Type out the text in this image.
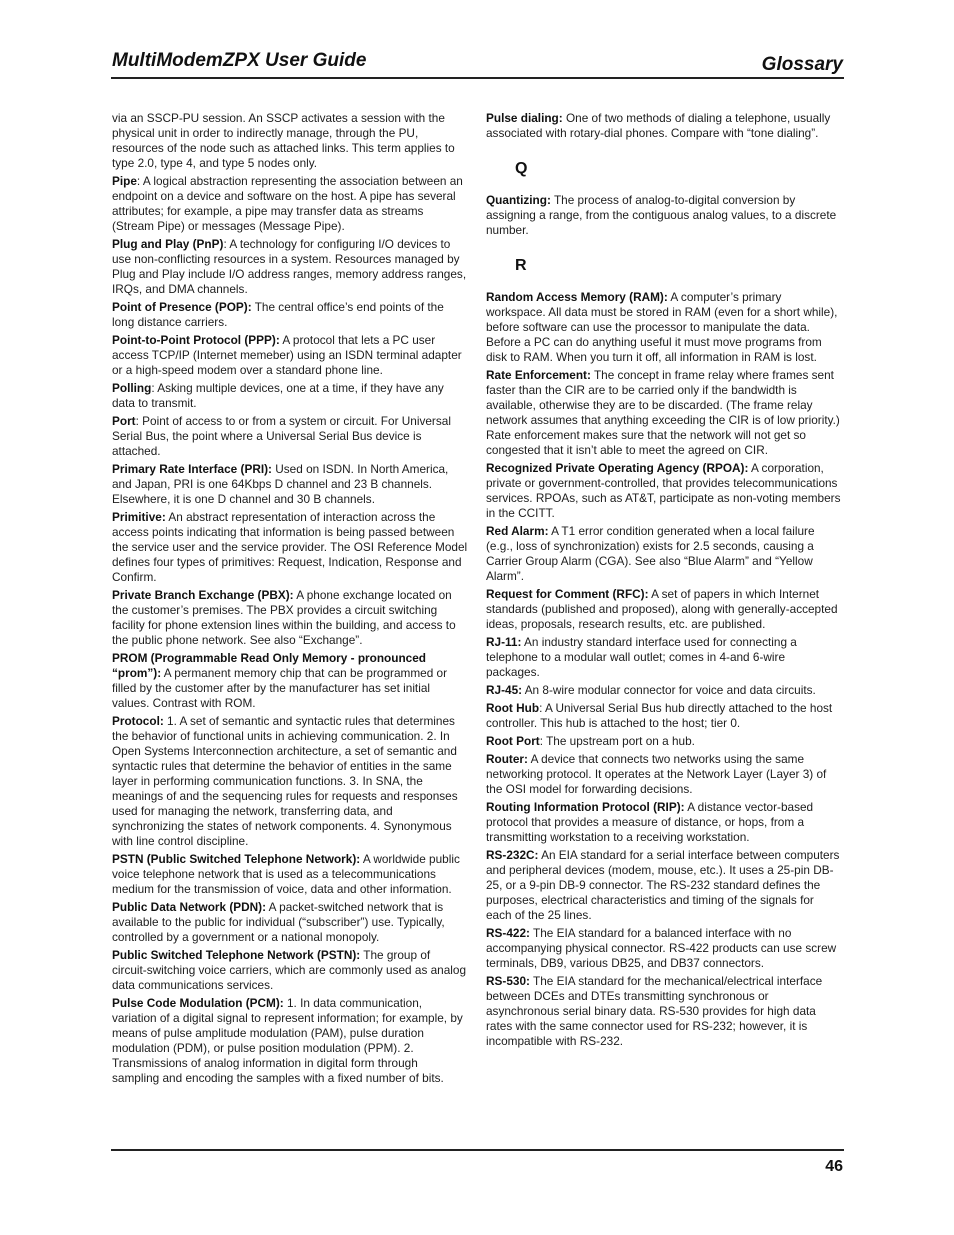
MultiModemZPX User Guide	Glossary
via an SSCP-PU session. An SSCP activates a session with the physical unit in order to indirectly manage, through the PU, resources of the node such as attached links. This term applies to type 2.0, type 4, and type 5 nodes only.
Pipe: A logical abstraction representing the association between an endpoint on a device and software on the host. A pipe has several attributes; for example, a pipe may transfer data as streams (Stream Pipe) or messages (Message Pipe).
Plug and Play (PnP): A technology for configuring I/O devices to use non-conflicting resources in a system. Resources managed by Plug and Play include I/O address ranges, memory address ranges, IRQs, and DMA channels.
Point of Presence (POP): The central office’s end points of the long distance carriers.
Point-to-Point Protocol (PPP): A protocol that lets a PC user access TCP/IP (Internet memeber) using an ISDN terminal adapter or a high-speed modem over a standard phone line.
Polling: Asking multiple devices, one at a time, if they have any data to transmit.
Port: Point of access to or from a system or circuit. For Universal Serial Bus, the point where a Universal Serial Bus device is attached.
Primary Rate Interface (PRI): Used on ISDN. In North America, and Japan, PRI is one 64Kbps D channel and 23 B channels. Elsewhere, it is one D channel and 30 B channels.
Primitive: An abstract representation of interaction across the access points indicating that information is being passed between the service user and the service provider. The OSI Reference Model defines four types of primitives: Request, Indication, Response and Confirm.
Private Branch Exchange (PBX): A phone exchange located on the customer’s premises. The PBX provides a circuit switching facility for phone extension lines within the building, and access to the public phone network. See also “Exchange”.
PROM (Programmable Read Only Memory - pronounced “prom”): A permanent memory chip that can be programmed or filled by the customer after by the manufacturer has set initial values. Contrast with ROM.
Protocol: 1. A set of semantic and syntactic rules that determines the behavior of functional units in achieving communication. 2. In Open Systems Interconnection architecture, a set of semantic and syntactic rules that determine the behavior of entities in the same layer in performing communication functions. 3. In SNA, the meanings of and the sequencing rules for requests and responses used for managing the network, transferring data, and synchronizing the states of network components. 4. Synonymous with line control discipline.
PSTN (Public Switched Telephone Network): A worldwide public voice telephone network that is used as a telecommunications medium for the transmission of voice, data and other information.
Public Data Network (PDN): A packet-switched network that is available to the public for individual (“subscriber”) use. Typically, controlled by a government or a national monopoly.
Public Switched Telephone Network (PSTN): The group of circuit-switching voice carriers, which are commonly used as analog data communications services.
Pulse Code Modulation (PCM): 1. In data communication, variation of a digital signal to represent information; for example, by means of pulse amplitude modulation (PAM), pulse duration modulation (PDM), or pulse position modulation (PPM). 2. Transmissions of analog information in digital form through sampling and encoding the samples with a fixed number of bits.
Pulse dialing: One of two methods of dialing a telephone, usually associated with rotary-dial phones. Compare with “tone dialing”.
Q
Quantizing: The process of analog-to-digital conversion by assigning a range, from the contiguous analog values, to a discrete number.
R
Random Access Memory (RAM): A computer’s primary workspace. All data must be stored in RAM (even for a short while), before software can use the processor to manipulate the data. Before a PC can do anything useful it must move programs from disk to RAM. When you turn it off, all information in RAM is lost.
Rate Enforcement: The concept in frame relay where frames sent faster than the CIR are to be carried only if the bandwidth is available, otherwise they are to be discarded. (The frame relay network assumes that anything exceeding the CIR is of low priority.) Rate enforcement makes sure that the network will not get so congested that it isn’t able to meet the agreed on CIR.
Recognized Private Operating Agency (RPOA): A corporation, private or government-controlled, that provides telecommunications services. RPOAs, such as AT&T, participate as non-voting members in the CCITT.
Red Alarm: A T1 error condition generated when a local failure (e.g., loss of synchronization) exists for 2.5 seconds, causing a Carrier Group Alarm (CGA). See also “Blue Alarm” and “Yellow Alarm”.
Request for Comment (RFC): A set of papers in which Internet standards (published and proposed), along with generally-accepted ideas, proposals, research results, etc. are published.
RJ-11: An industry standard interface used for connecting a telephone to a modular wall outlet; comes in 4-and 6-wire packages.
RJ-45: An 8-wire modular connector for voice and data circuits.
Root Hub: A Universal Serial Bus hub directly attached to the host controller. This hub is attached to the host; tier 0.
Root Port: The upstream port on a hub.
Router: A device that connects two networks using the same networking protocol. It operates at the Network Layer (Layer 3) of the OSI model for forwarding decisions.
Routing Information Protocol (RIP): A distance vector-based protocol that provides a measure of distance, or hops, from a transmitting workstation to a receiving workstation.
RS-232C: An EIA standard for a serial interface between computers and peripheral devices (modem, mouse, etc.). It uses a 25-pin DB-25, or a 9-pin DB-9 connector. The RS-232 standard defines the purposes, electrical characteristics and timing of the signals for each of the 25 lines.
RS-422: The EIA standard for a balanced interface with no accompanying physical connector. RS-422 products can use screw terminals, DB9, various DB25, and DB37 connectors.
RS-530: The EIA standard for the mechanical/electrical interface between DCEs and DTEs transmitting synchronous or asynchronous serial binary data. RS-530 provides for high data rates with the same connector used for RS-232; however, it is incompatible with RS-232.
46
